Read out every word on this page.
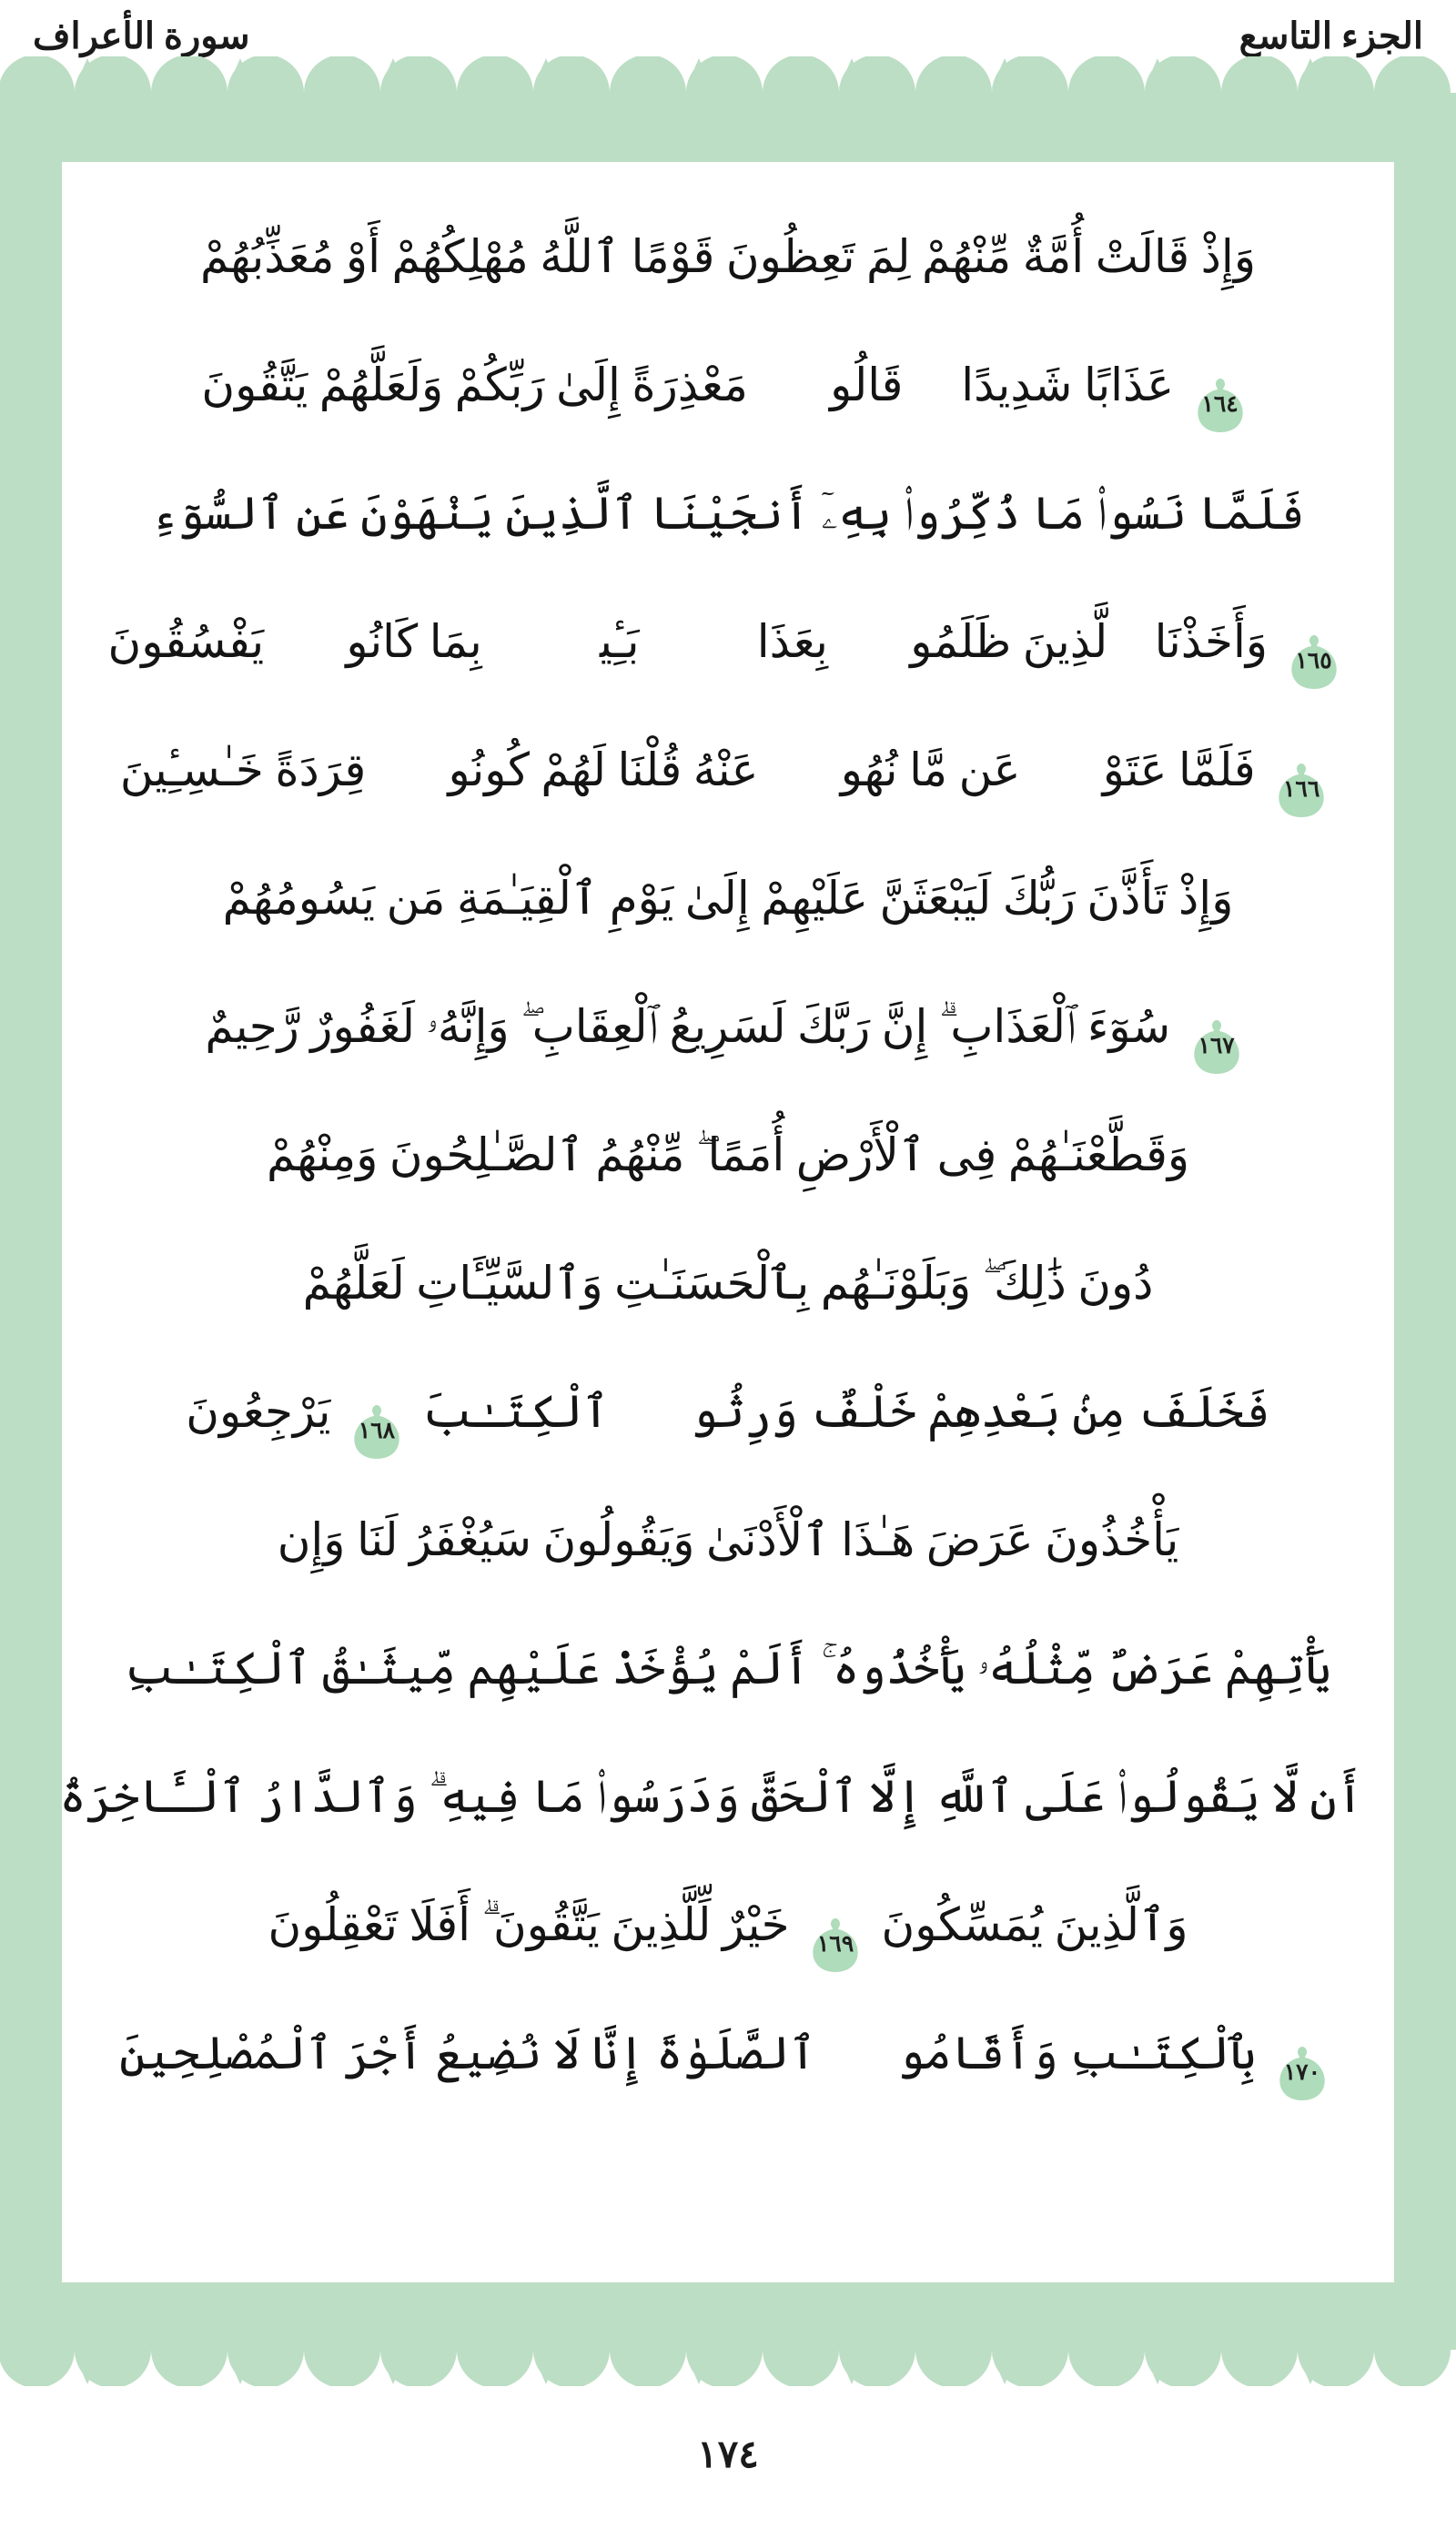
الجزء التاسع
سورة الأعراف
وَإِذْ قَالَتْ أُمَّةٌ مِّنْهُمْ لِمَ تَعِظُونَ قَوْمًا ٱللَّهُ مُهْلِكُهُمْ أَوْ مُعَذِّبُهُمْ
١٦٤
عَذَابًا شَدِيدًا ۖ قَالُوا۟ مَعْذِرَةً إِلَىٰ رَبِّكُمْ وَلَعَلَّهُمْ يَتَّقُونَ
فَلَمَّا نَسُوا۟ مَا ذُكِّرُوا۟ بِهِۦٓ أَنجَيْنَا ٱلَّذِينَ يَنْهَوْنَ عَنِ ٱلسُّوٓءِ
١٦٥
وَأَخَذْنَا ٱلَّذِينَ ظَلَمُوا۟ بِعَذَابٍۭ بَـِٔيسٍۭ بِمَا كَانُوا۟ يَفْسُقُونَ
١٦٦
فَلَمَّا عَتَوْا۟ عَن مَّا نُهُوا۟ عَنْهُ قُلْنَا لَهُمْ كُونُوا۟ قِرَدَةً خَـٰسِـِٔينَ
وَإِذْ تَأَذَّنَ رَبُّكَ لَيَبْعَثَنَّ عَلَيْهِمْ إِلَىٰ يَوْمِ ٱلْقِيَـٰمَةِ مَن يَسُومُهُمْ
١٦٧
سُوٓءَ ٱلْعَذَابِ ۗ إِنَّ رَبَّكَ لَسَرِيعُ ٱلْعِقَابِ ۖ وَإِنَّهُۥ لَغَفُورٌ رَّحِيمٌ
وَقَطَّعْنَـٰهُمْ فِى ٱلْأَرْضِ أُمَمًا ۖ مِّنْهُمُ ٱلصَّـٰلِحُونَ وَمِنْهُمْ
دُونَ ذَٰلِكَ ۖ وَبَلَوْنَـٰهُم بِٱلْحَسَنَـٰتِ وَٱلسَّيِّـَٔاتِ لَعَلَّهُمْ
فَخَلَفَ مِنۢ بَعْدِهِمْ خَلْفٌ وَرِثُوا۟ ٱلْكِتَـٰبَ
١٦٨
يَرْجِعُونَ
يَأْخُذُونَ عَرَضَ هَـٰذَا ٱلْأَدْنَىٰ وَيَقُولُونَ سَيُغْفَرُ لَنَا وَإِن
يَأْتِهِمْ عَرَضٌ مِّثْلُهُۥ يَأْخُذُوهُ ۚ أَلَمْ يُؤْخَذْ عَلَيْهِم مِّيثَـٰقُ ٱلْكِتَـٰبِ
أَن لَّا يَقُولُوا۟ عَلَى ٱللَّهِ إِلَّا ٱلْحَقَّ وَدَرَسُوا۟ مَا فِيهِ ۗ وَٱلدَّارُ ٱلْـَٔاخِرَةُ
وَٱلَّذِينَ يُمَسِّكُونَ
١٦٩
خَيْرٌ لِّلَّذِينَ يَتَّقُونَ ۗ أَفَلَا تَعْقِلُونَ
١٧٠
بِٱلْكِتَـٰبِ وَأَقَامُوا۟ ٱلصَّلَوٰةَ إِنَّا لَا نُضِيعُ أَجْرَ ٱلْمُصْلِحِينَ
١٧٤
